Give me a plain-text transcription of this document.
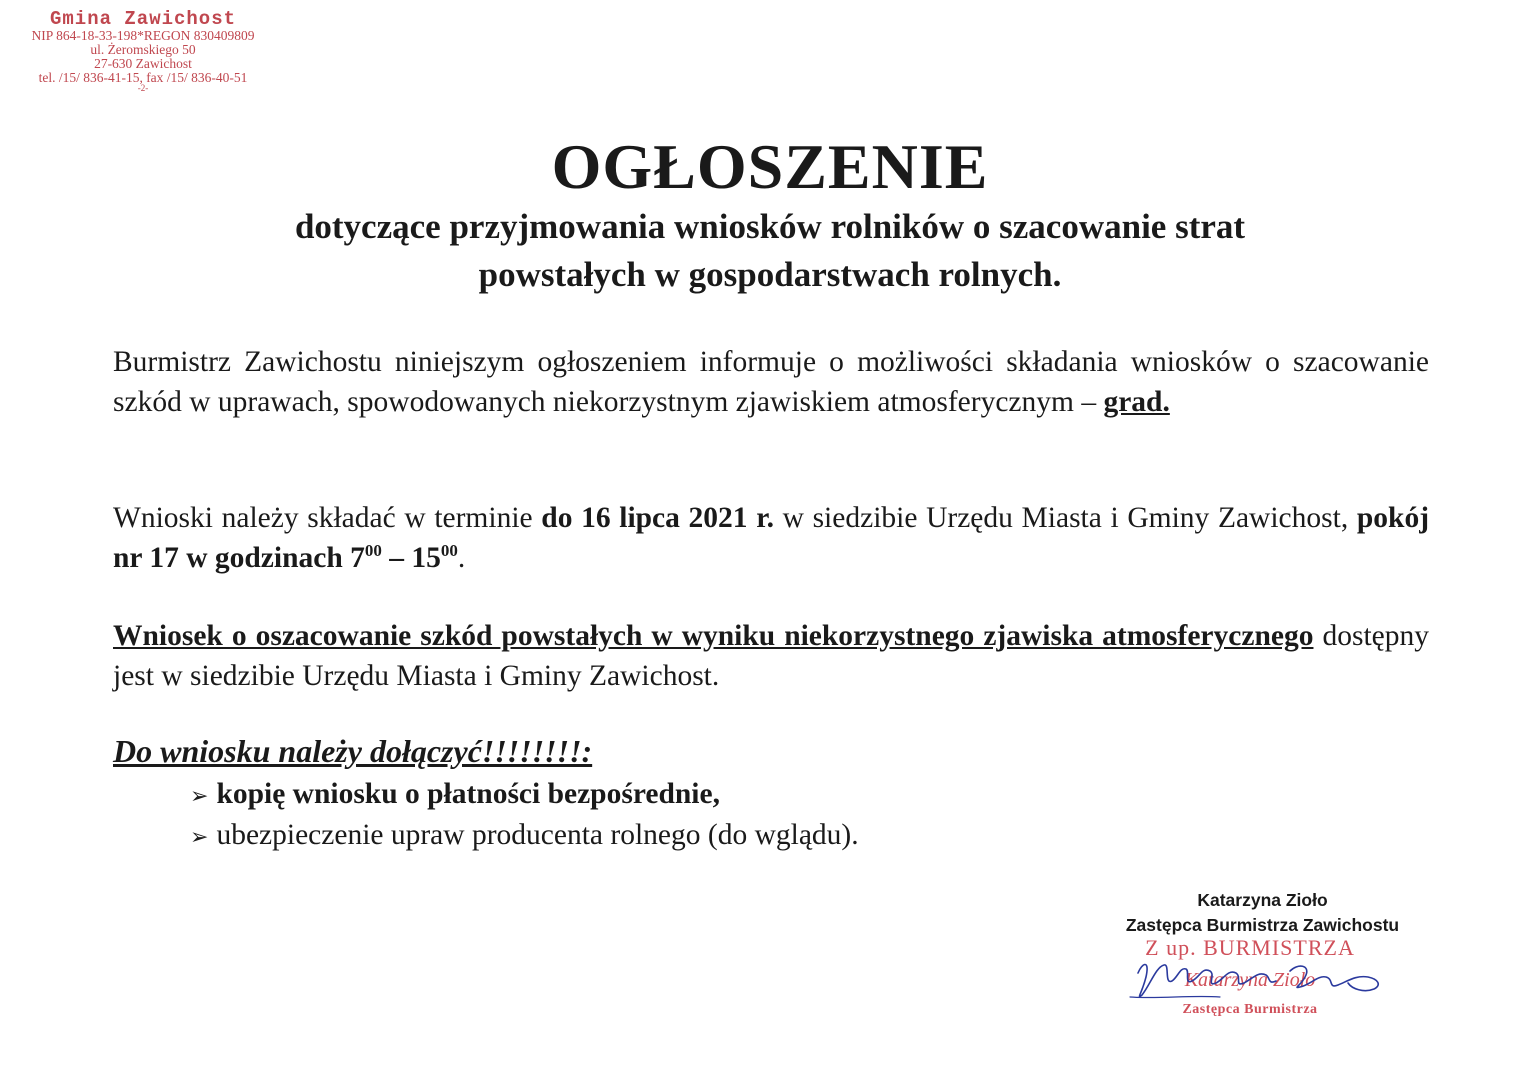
Gmina Zawichost
NIP 864-18-33-198*REGON 830409809
ul. Żeromskiego 50
27-630 Zawichost
tel. /15/ 836-41-15, fax /15/ 836-40-51
-2-
OGŁOSZENIE
dotyczące przyjmowania wniosków rolników o szacowanie strat
powstałych w gospodarstwach rolnych.

Burmistrz Zawichostu niniejszym ogłoszeniem informuje o możliwości składania wniosków o szacowanie szkód w uprawach, spowodowanych niekorzystnym zjawiskiem atmosferycznym – grad.

Wnioski należy składać w terminie do 16 lipca 2021 r. w siedzibie Urzędu Miasta i Gminy Zawichost, pokój nr 17 w godzinach $7^{00} - 15^{00}$.

Wniosek o oszacowanie szkód powstałych w wyniku niekorzystnego zjawiska atmosferycznego dostępny jest w siedzibie Urzędu Miasta i Gminy Zawichost.

Do wniosku należy dołączyć!!!!!!!!:

➢ kopię wniosku o płatności bezpośrednie,
➢ ubezpieczenie upraw producenta rolnego (do wglądu).
Katarzyna Zioło
Zastępca Burmistrza Zawichostu
Z up. BURMISTRZA
Katarzyna Zioło
Zastępca Burmistrza
